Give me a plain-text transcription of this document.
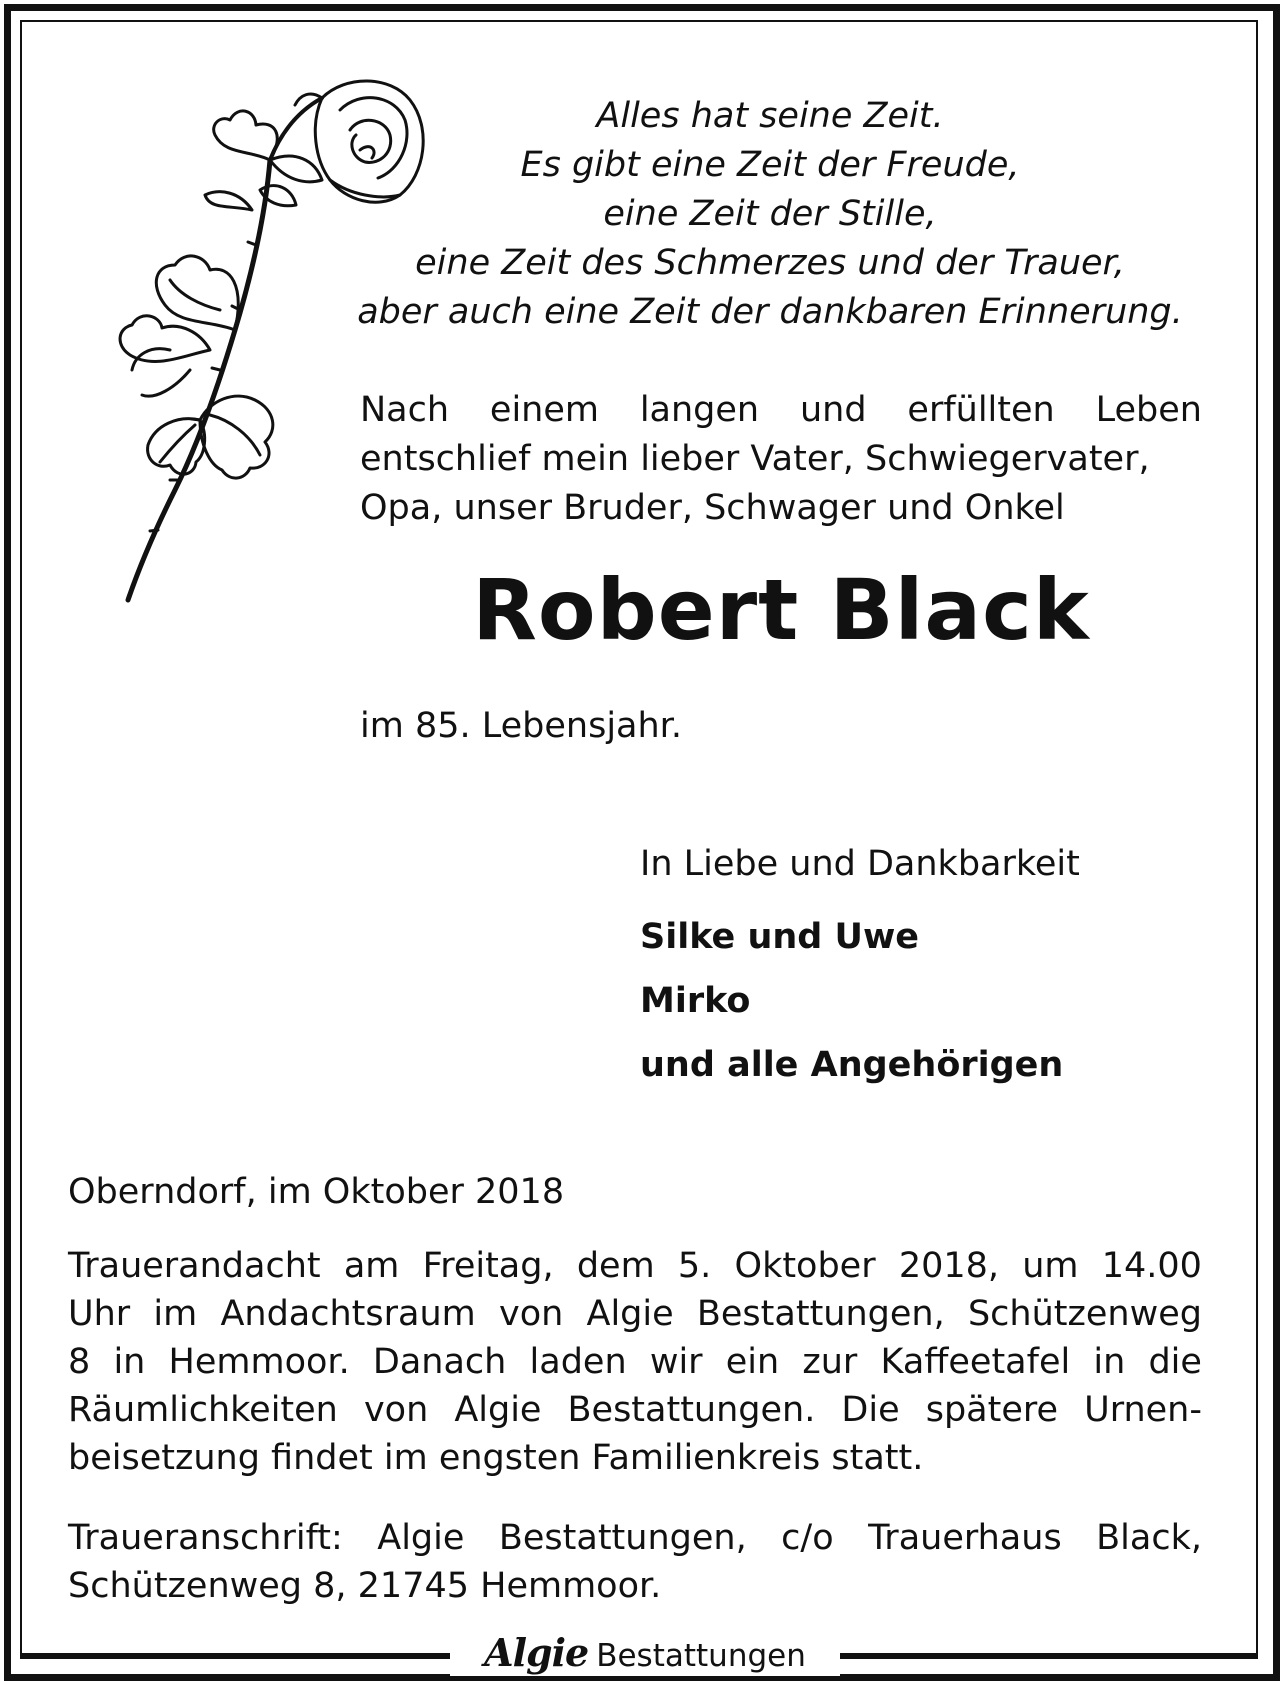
Alles hat seine Zeit.
Es gibt eine Zeit der Freude,
eine Zeit der Stille,
eine Zeit des Schmerzes und der Trauer,
aber auch eine Zeit der dankbaren Erinnerung.
Nach einem langen und erfüllten Leben
entschlief mein lieber Vater, Schwiegervater,
Opa, unser Bruder, Schwager und Onkel
Robert Black
im 85. Lebensjahr.
In Liebe und Dankbarkeit
Silke und Uwe
Mirko
und alle Angehörigen
Oberndorf, im Oktober 2018
Trauerandacht am Freitag, dem 5. Oktober 2018, um 14.00
Uhr im Andachtsraum von Algie Bestattungen, Schützenweg
8 in Hemmoor. Danach laden wir ein zur Kaffeetafel in die
Räumlichkeiten von Algie Bestattungen. Die spätere Urnen-
beisetzung findet im engsten Familienkreis statt.
Traueranschrift: Algie Bestattungen, c/o Trauerhaus Black,
Schützenweg 8, 21745 Hemmoor.
Algie Bestattungen
